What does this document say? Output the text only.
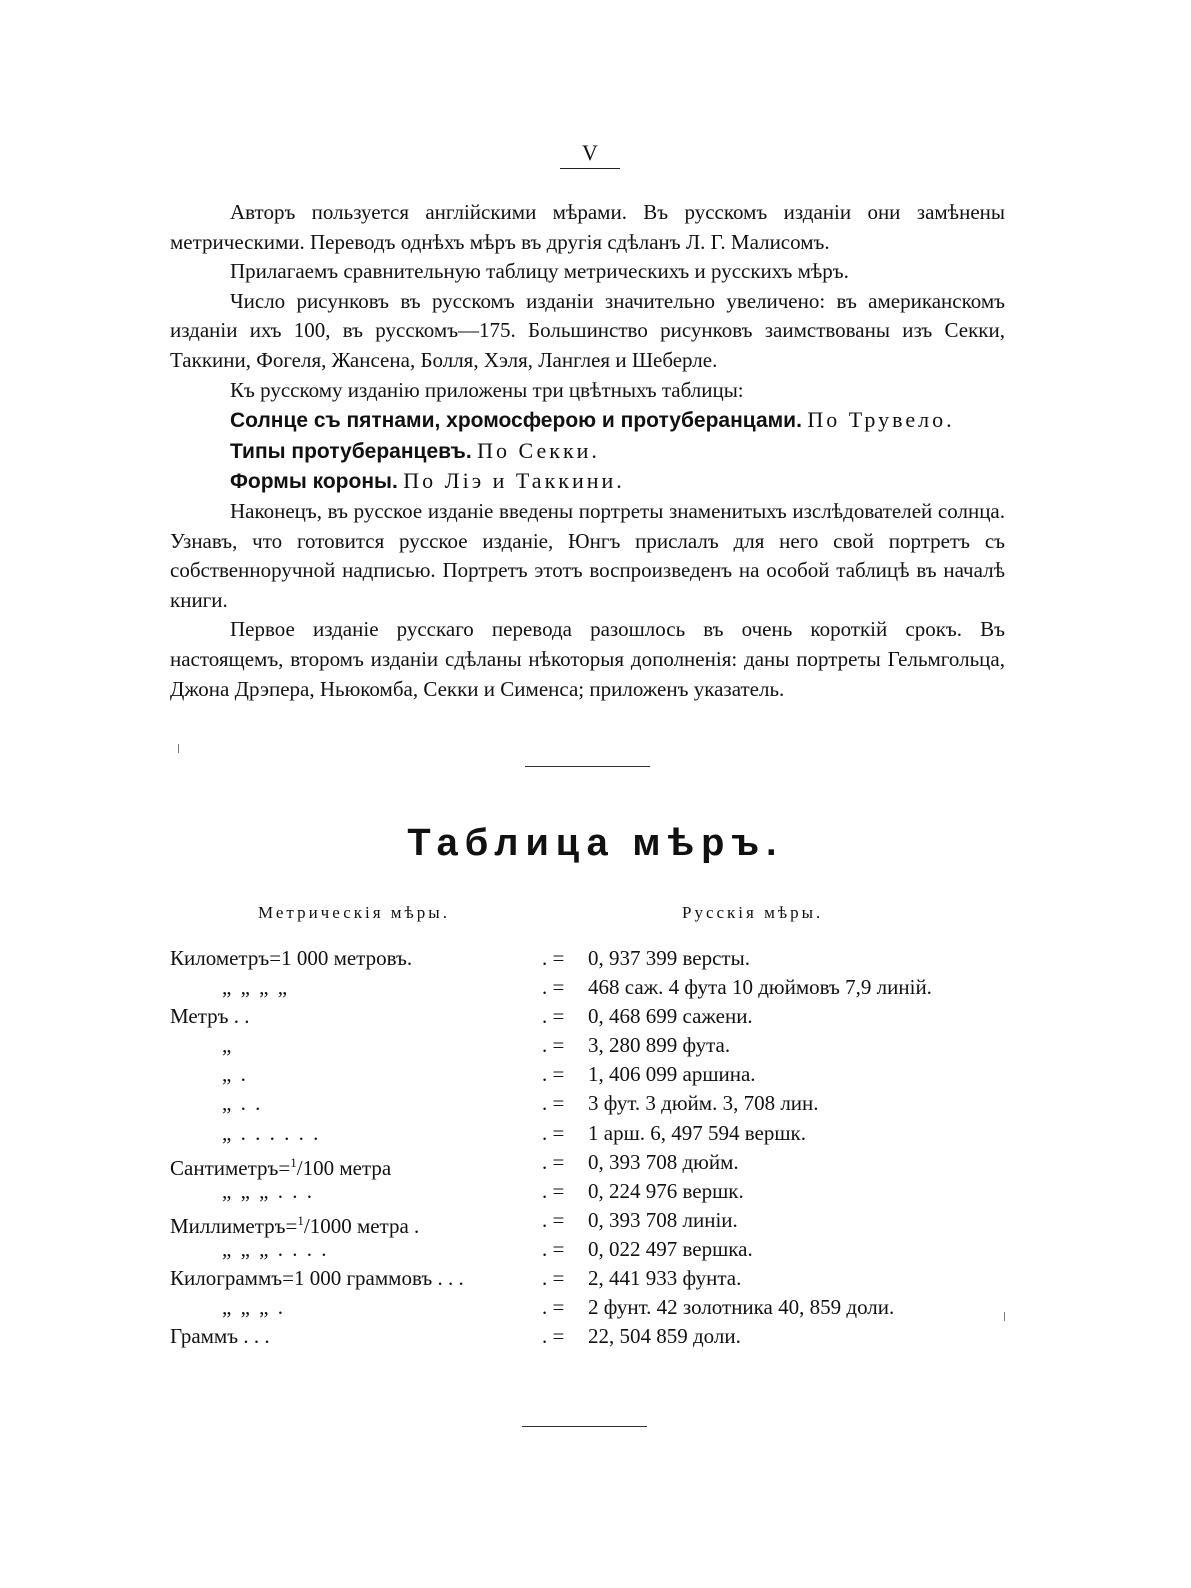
V

Авторъ пользуется англійскими мѣрами. Въ русскомъ изданіи они замѣнены метрическими. Переводъ однѣхъ мѣръ въ другія сдѣланъ Л. Г. Малисомъ.

Прилагаемъ сравнительную таблицу метрическихъ и русскихъ мѣръ.

Число рисунковъ въ русскомъ изданіи значительно увеличено: въ американскомъ изданіи ихъ 100, въ русскомъ—175. Большинство рисунковъ заимствованы изъ Секки, Таккини, Фогеля, Жансена, Болля, Хэля, Ланглея и Шеберле.

Къ русскому изданію приложены три цвѣтныхъ таблицы:

Солнце съ пятнами, хромосферою и протуберанцами. По Трувело.
Типы протуберанцевъ. По Секки.
Формы короны. По Ліэ и Таккини.

Наконецъ, въ русское изданіе введены портреты знаменитыхъ изслѣдователей солнца. Узнавъ, что готовится русское изданіе, Юнгъ прислалъ для него свой портретъ съ собственноручной надписью. Портретъ этотъ воспроизведенъ на особой таблицѣ въ началѣ книги.

Первое изданіе русскаго перевода разошлось въ очень короткій срокъ. Въ настоящемъ, второмъ изданіи сдѣланы нѣкоторыя дополненія: даны портреты Гельмгольца, Джона Дрэпера, Ньюкомба, Секки и Сименса; приложенъ указатель.

Таблица мѣръ.
Метрическія мѣры.	Русскія мѣры.
Километръ=1 000 метровъ.	. = 0, 937 399 версты.
„ „ „ „	. = 468 саж. 4 фута 10 дюймовъ 7,9 линій.
Метръ . .	. = 0, 468 699 сажени.
„	. = 3, 280 899 фута.
„ .	. = 1, 406 099 аршина.
„ . .	. = 3 фут. 3 дюйм. 3, 708 лин.
„ . . . . . .	. = 1 арш. 6, 497 594 вершк.
Сантиметръ=$^1$/100 метра	. = 0, 393 708 дюйм.
„ „ „ . . .	. = 0, 224 976 вершк.
Миллиметръ=$^1$/1000 метра .	. = 0, 393 708 линіи.
„ „ „ . . . .	. = 0, 022 497 вершка.
Килограммъ=1 000 граммовъ . . .	. = 2, 441 933 фунта.
„ „ „ .	. = 2 фунт. 42 золотника 40, 859 доли.
Граммъ . . .	. = 22, 504 859 доли.
